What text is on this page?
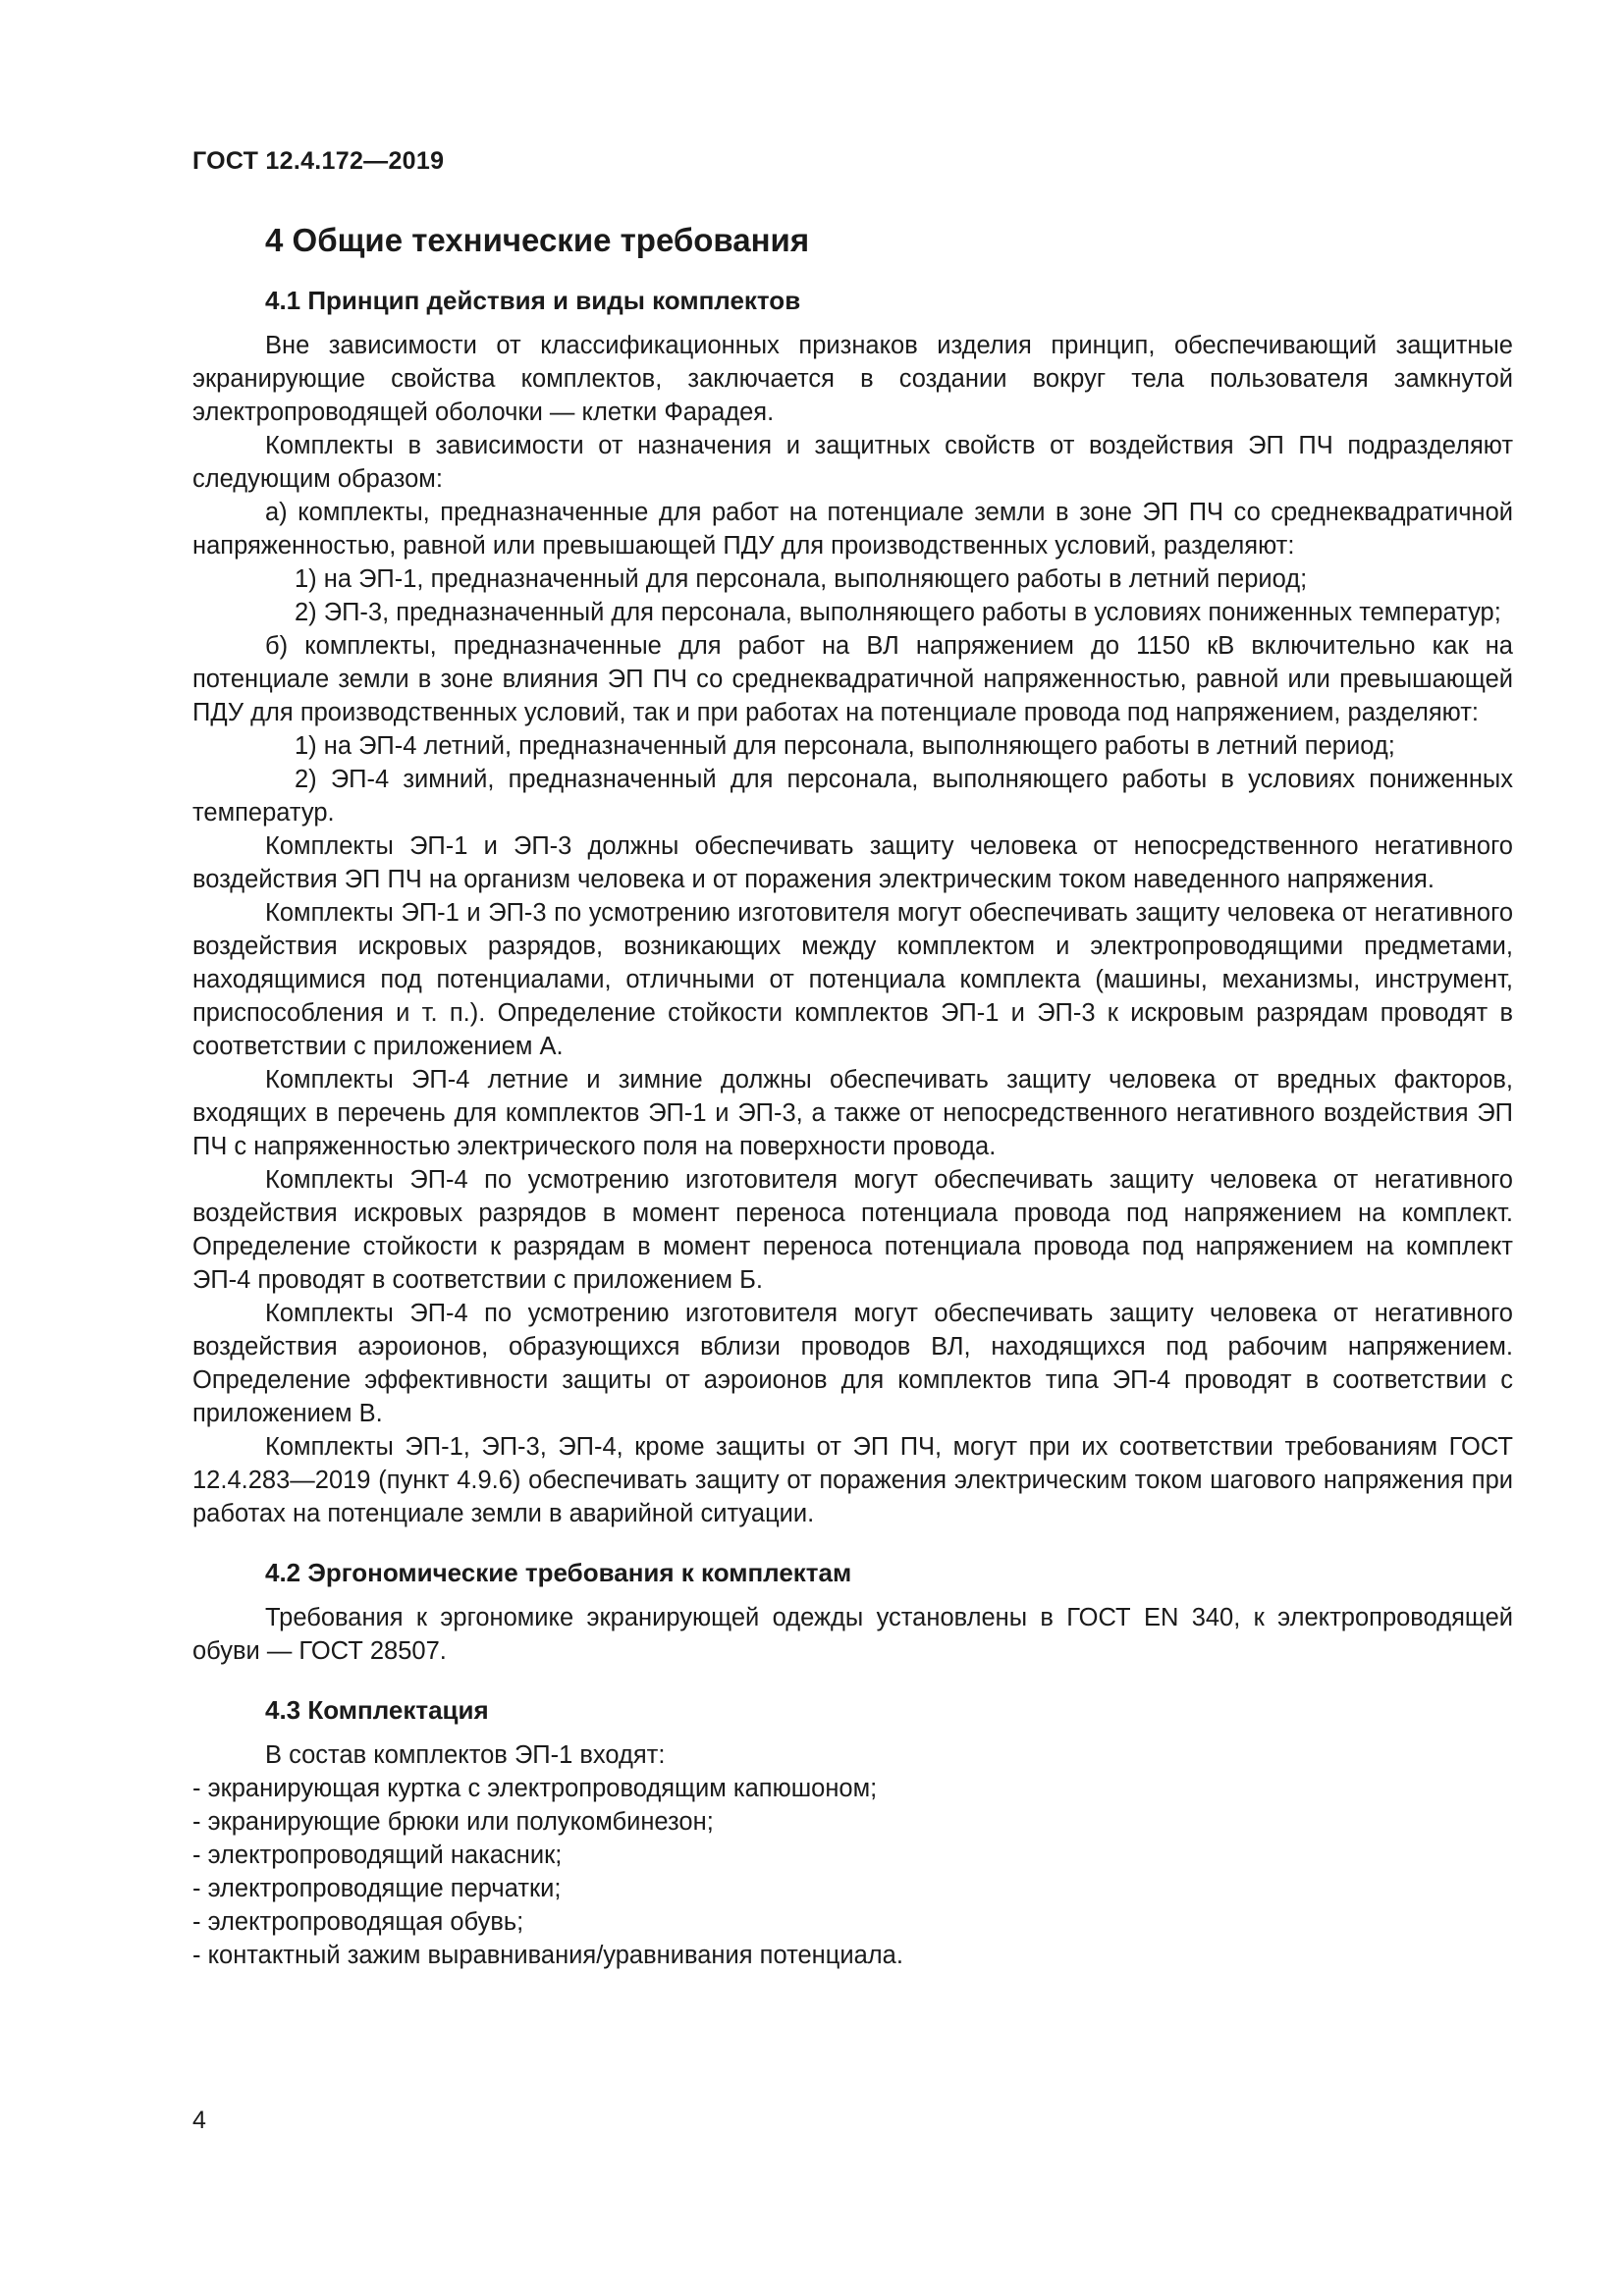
ГОСТ 12.4.172—2019
4 Общие технические требования
4.1 Принцип действия и виды комплектов

Вне зависимости от классификационных признаков изделия принцип, обеспечивающий защитные экранирующие свойства комплектов, заключается в создании вокруг тела пользователя замкнутой электропроводящей оболочки — клетки Фарадея.

Комплекты в зависимости от назначения и защитных свойств от воздействия ЭП ПЧ подразделяют следующим образом:

а) комплекты, предназначенные для работ на потенциале земли в зоне ЭП ПЧ со среднеквадратичной напряженностью, равной или превышающей ПДУ для производственных условий, разделяют:

1) на ЭП-1, предназначенный для персонала, выполняющего работы в летний период;

2) ЭП-3, предназначенный для персонала, выполняющего работы в условиях пониженных температур;

б) комплекты, предназначенные для работ на ВЛ напряжением до 1150 кВ включительно как на потенциале земли в зоне влияния ЭП ПЧ со среднеквадратичной напряженностью, равной или превышающей ПДУ для производственных условий, так и при работах на потенциале провода под напряжением, разделяют:

1) на ЭП-4 летний, предназначенный для персонала, выполняющего работы в летний период;

2) ЭП-4 зимний, предназначенный для персонала, выполняющего работы в условиях пониженных температур.

Комплекты ЭП-1 и ЭП-3 должны обеспечивать защиту человека от непосредственного негативного воздействия ЭП ПЧ на организм человека и от поражения электрическим током наведенного напряжения.

Комплекты ЭП-1 и ЭП-3 по усмотрению изготовителя могут обеспечивать защиту человека от негативного воздействия искровых разрядов, возникающих между комплектом и электропроводящими предметами, находящимися под потенциалами, отличными от потенциала комплекта (машины, механизмы, инструмент, приспособления и т. п.). Определение стойкости комплектов ЭП-1 и ЭП-3 к искровым разрядам проводят в соответствии с приложением А.

Комплекты ЭП-4 летние и зимние должны обеспечивать защиту человека от вредных факторов, входящих в перечень для комплектов ЭП-1 и ЭП-3, а также от непосредственного негативного воздействия ЭП ПЧ с напряженностью электрического поля на поверхности провода.

Комплекты ЭП-4 по усмотрению изготовителя могут обеспечивать защиту человека от негативного воздействия искровых разрядов в момент переноса потенциала провода под напряжением на комплект. Определение стойкости к разрядам в момент переноса потенциала провода под напряжением на комплект ЭП-4 проводят в соответствии с приложением Б.

Комплекты ЭП-4 по усмотрению изготовителя могут обеспечивать защиту человека от негативного воздействия аэроионов, образующихся вблизи проводов ВЛ, находящихся под рабочим напряжением. Определение эффективности защиты от аэроионов для комплектов типа ЭП-4 проводят в соответствии с приложением В.

Комплекты ЭП-1, ЭП-3, ЭП-4, кроме защиты от ЭП ПЧ, могут при их соответствии требованиям ГОСТ 12.4.283—2019 (пункт 4.9.6) обеспечивать защиту от поражения электрическим током шагового напряжения при работах на потенциале земли в аварийной ситуации.

4.2 Эргономические требования к комплектам

Требования к эргономике экранирующей одежды установлены в ГОСТ EN 340, к электропроводящей обуви — ГОСТ 28507.

4.3 Комплектация

В состав комплектов ЭП-1 входят:

- экранирующая куртка с электропроводящим капюшоном;
- экранирующие брюки или полукомбинезон;
- электропроводящий накасник;
- электропроводящие перчатки;
- электропроводящая обувь;
- контактный зажим выравнивания/уравнивания потенциала.
4
